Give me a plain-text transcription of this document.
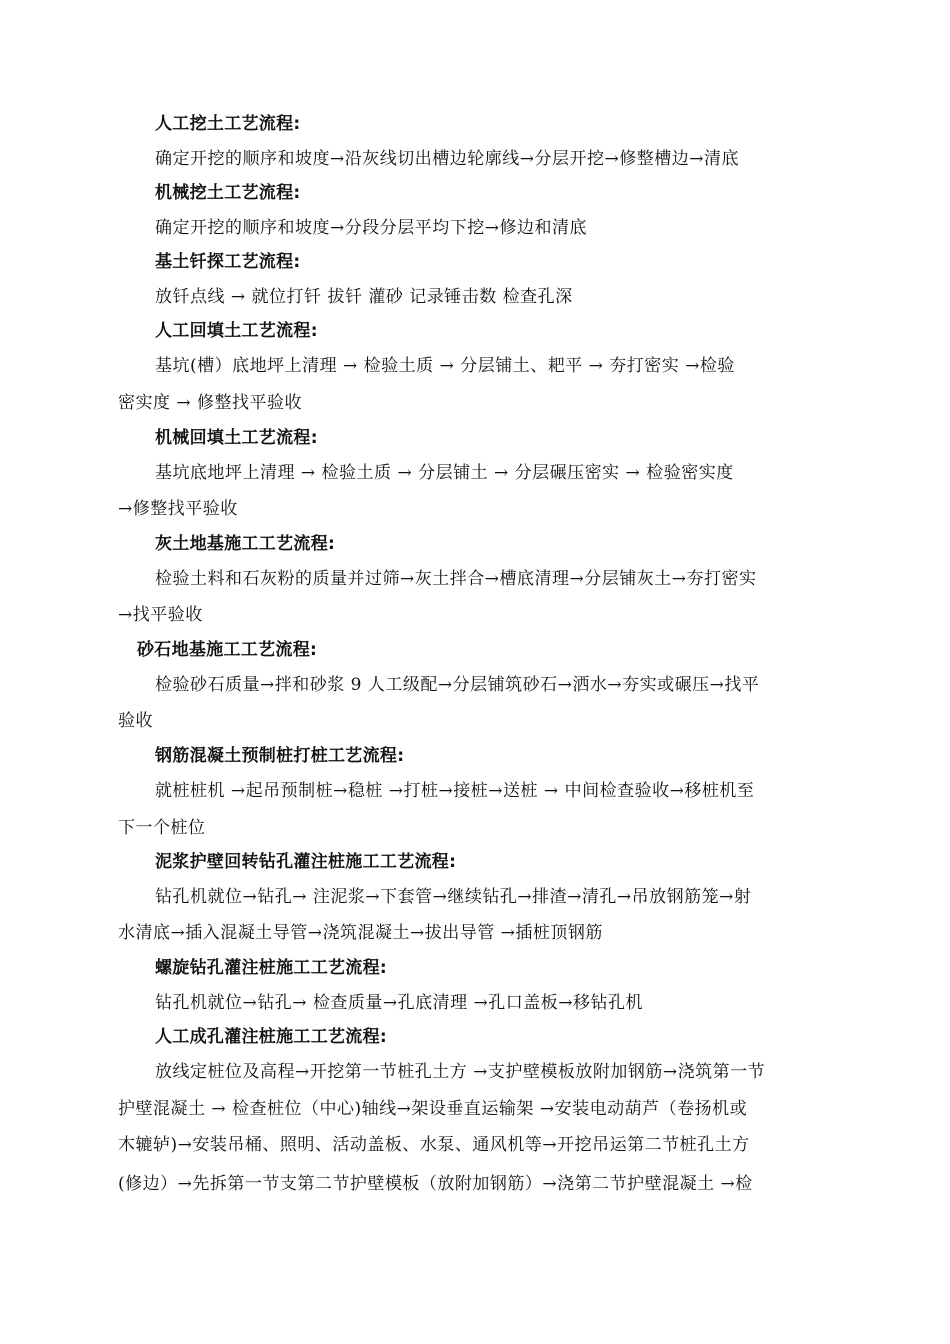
人工挖土工艺流程:
确定开挖的顺序和坡度→沿灰线切出槽边轮廓线→分层开挖→修整槽边→清底
机械挖土工艺流程:
确定开挖的顺序和坡度→分段分层平均下挖→修边和清底
基土钎探工艺流程:
放钎点线 → 就位打钎 拔钎 灌砂 记录锤击数 检查孔深
人工回填土工艺流程:
基坑(槽）底地坪上清理 → 检验土质 → 分层铺土、耙平 → 夯打密实 →检验
密实度 → 修整找平验收
机械回填土工艺流程:
基坑底地坪上清理 → 检验土质 → 分层铺土 → 分层碾压密实 → 检验密实度
→修整找平验收
灰土地基施工工艺流程:
检验土料和石灰粉的质量并过筛→灰土拌合→槽底清理→分层铺灰土→夯打密实
→找平验收
砂石地基施工工艺流程:
检验砂石质量→拌和砂浆 9 人工级配→分层铺筑砂石→洒水→夯实或碾压→找平
验收
钢筋混凝土预制桩打桩工艺流程:
就桩桩机 →起吊预制桩→稳桩 →打桩→接桩→送桩 → 中间检查验收→移桩机至
下一个桩位
泥浆护壁回转钻孔灌注桩施工工艺流程:
钻孔机就位→钻孔→ 注泥浆→下套管→继续钻孔→排渣→清孔→吊放钢筋笼→射
水清底→插入混凝土导管→浇筑混凝土→拔出导管 →插桩顶钢筋
螺旋钻孔灌注桩施工工艺流程:
钻孔机就位→钻孔→ 检查质量→孔底清理 →孔口盖板→移钻孔机
人工成孔灌注桩施工工艺流程:
放线定桩位及高程→开挖第一节桩孔土方 →支护壁模板放附加钢筋→浇筑第一节
护壁混凝土 → 检查桩位（中心)轴线→架设垂直运输架 →安装电动葫芦（卷扬机或
木辘轳)→安装吊桶、照明、活动盖板、水泵、通风机等→开挖吊运第二节桩孔土方
(修边）→先拆第一节支第二节护壁模板（放附加钢筋）→浇第二节护壁混凝土 →检
